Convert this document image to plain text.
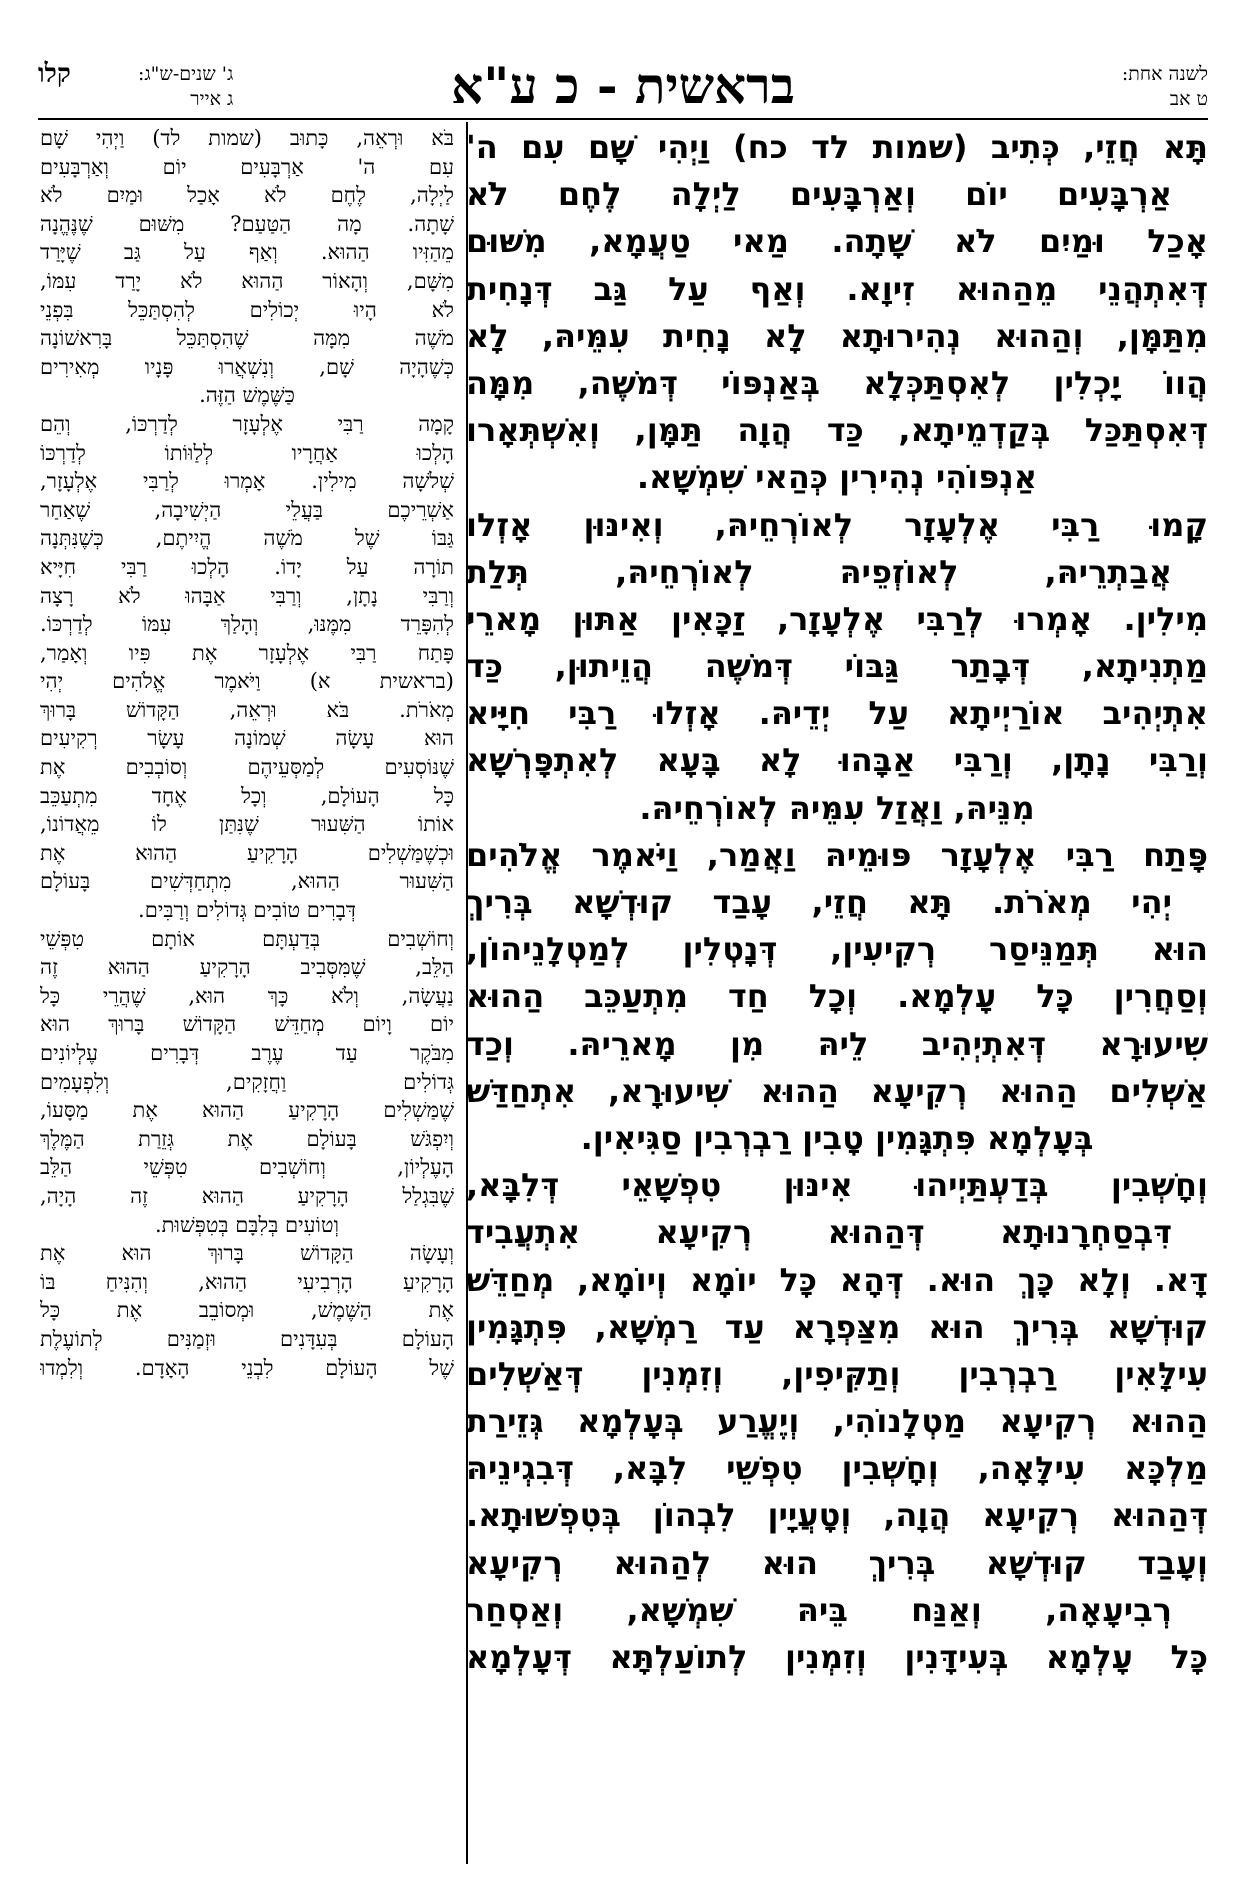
לשנה אחת:
ט אב
בראשית - כ ע"א
ג' שנים-ש"ג:
ג אייר
קלו
תָּא חֲזֵי, כְּתִיב (שמות לד כח) וַיְהִי שָׁם עִם ה'
אַרְבָּעִים יוֹם וְאַרְבָּעִים לַיְלָה לֶחֶם לֹא
אָכַל וּמַיִם לֹא שָׁתָה. מַאי טַעֲמָא, מִשּׁוּם
דְּאִתְהֲנֵי מֵהַהוּא זִיוָא. וְאַף עַל גַּב דְּנָחִית
מִתַּמָּן, וְהַהוּא נְהִירוּתָא לָא נָחִית עִמֵּיהּ, לָא
הֲווֹ יָכְלִין לְאִסְתַּכְּלָא בְּאַנְפּוֹי דְּמֹשֶׁה, מִמָּה
דְּאִסְתַּכַּל בְּקַדְמֵיתָא, כַּד הֲוָה תַּמָּן, וְאִשְׁתְּאָרוּ
אַנְפּוֹהִי נְהִירִין כְּהַאי שִׁמְשָׁא.
קָמוּ רַבִּי אֶלְעָזָר לְאוֹרְחֵיהּ, וְאִינּוּן אָזְלוּ
אֲבַתְרֵיהּ, לְאוֹזְפֵיהּ לְאוֹרְחֵיהּ, תְּלַת
מִילִין. אָמְרוּ לְרַבִּי אֶלְעָזָר, זַכָּאִין אַתּוּן מָארֵי
מַתְנִיתָא, דְּבָתַר גַּבּוֹי דְּמֹשֶׁה הֲוֵיתוּן, כַּד
אִתְיְהִיב אוֹרַיְיתָא עַל יְדֵיהּ. אָזְלוּ רַבִּי חִיָּיא
וְרַבִּי נָתָן, וְרַבִּי אַבָּהוּ לָא בָּעָא לְאִתְפָּרְשָׁא
מִנֵּיהּ, וַאֲזַל עִמֵּיהּ לְאוֹרְחֵיהּ.
פָּתַח רַבִּי אֶלְעָזָר פּוּמֵיהּ וַאֲמַר, וַיֹּאמֶר אֱלֹהִים
יְהִי מְאֹרֹת. תָּא חֲזֵי, עָבַד קוּדְשָׁא בְּרִיךְ
הוּא תְּמַנֵּיסַר רְקִיעִין, דְּנָטְלִין לְמַטְלָנֵיהוֹן,
וְסַחֲרִין כָּל עָלְמָא. וְכָל חַד מִתְעַכֵּב הַהוּא
שִׁיעוּרָא דְּאִתְיְהִיב לֵיהּ מִן מָארֵיהּ. וְכַד
אַשְׁלִים הַהוּא רְקִיעָא הַהוּא שִׁיעוּרָא, אִתְחַדַּשׁ
בְּעָלְמָא פִּתְגָּמִין טָבִין רַבְרְבִין סַגִּיאִין.
וְחָשְׁבִין בְּדַעְתַּיְיהוּ אִינּוּן טִפְשָׁאֵי דְּלִבָּא,
דִּבְסַחְרָנוּתָא דְּהַהוּא רְקִיעָא אִתְעֲבִיד
דָּא. וְלָא כָּךְ הוּא. דְּהָא כָּל יוֹמָא וְיוֹמָא, מְחַדֵּשׁ
קוּדְשָׁא בְּרִיךְ הוּא מִצַּפְרָא עַד רַמְשָׁא, פִּתְגָּמִין
עִילָּאִין רַבְרְבִין וְתַקִּיפִין, וְזִמְנִין דְּאַשְׁלִים
הַהוּא רְקִיעָא מַטְלָנוֹהִי, וְיֶעֱרַע בְּעָלְמָא גְּזֵירַת
מַלְכָּא עִילָּאָה, וְחָשְׁבִין טִפְשֵׁי לִבָּא, דְּבִגְינֵיהּ
דְּהַהוּא רְקִיעָא הֲוָה, וְטָעֲיָין לִבְהוֹן בְּטִפְשׁוּתָא.
וְעָבַד קוּדְשָׁא בְּרִיךְ הוּא לְהַהוּא רְקִיעָא
רְבִיעָאָה, וְאַנַּח בֵּיהּ שִׁמְשָׁא, וְאַסְחַר
כָּל עָלְמָא בְּעִידָּנִין וְזִמְנִין לְתוֹעַלְתָּא דְּעָלְמָא
בֹּא וּרְאֵה, כָּתוּב (שמות לד) וַיְהִי שָׁם
עִם ה' אַרְבָּעִים יוֹם וְאַרְבָּעִים
לַיְלָה, לֶחֶם לֹא אָכַל וּמַיִם לֹא
שָׁתָה. מָה הַטַּעַם? מִשּׁוּם שֶׁנֶּהֱנָה
מֵהַזִּיו הַהוּא. וְאַף עַל גַּב שֶׁיָּרַד
מִשָּׁם, וְהָאוֹר הַהוּא לֹא יָרַד עִמּוֹ,
לֹא הָיוּ יְכוֹלִים לְהִסְתַּכֵּל בִּפְנֵי
מֹשֶׁה מִמָּה שֶׁהִסְתַּכֵּל בָּרִאשׁוֹנָה
כְּשֶׁהָיָה שָׁם, וְנִשְׁאֲרוּ פָּנָיו מְאִירִים
כַּשֶּׁמֶשׁ הַזֶּה.
קָמָה רַבִּי אֶלְעָזָר לְדַרְכּוֹ, וְהֵם
הָלְכוּ אַחֲרָיו לְלַוּוֹתוֹ לְדַרְכּוֹ
שְׁלֹשָׁה מִילִין. אָמְרוּ לְרַבִּי אֶלְעָזָר,
אַשְׁרֵיכֶם בַּעֲלֵי הַיְשִׁיבָה, שֶׁאַחַר
גַּבּוֹ שֶׁל מֹשֶׁה הֱיִיתֶם, כְּשֶׁנִּתְּנָה
תוֹרָה עַל יָדוֹ. הָלְכוּ רַבִּי חִיָּיא
וְרַבִּי נָתָן, וְרַבִּי אַבָּהוּ לֹא רָצָה
לְהִפָּרֵד מִמֶּנּוּ, וְהָלַךְ עִמּוֹ לְדַרְכּוֹ.
פָּתַח רַבִּי אֶלְעָזָר אֶת פִּיו וְאָמַר,
(בראשית א) וַיֹּאמֶר אֱלֹהִים יְהִי
מְאֹרֹת. בֹּא וּרְאֵה, הַקָּדוֹשׁ בָּרוּךְ
הוּא עָשָׂה שְׁמוֹנָה עָשָׂר רְקִיעִים
שֶׁנּוֹסְעִים לְמַסְּעֵיהֶם וְסוֹבְבִים אֶת
כָּל הָעוֹלָם, וְכָל אֶחָד מִתְעַכֵּב
אוֹתוֹ הַשִּׁעוּר שֶׁנִּתַּן לוֹ מֵאֲדוֹנוֹ,
וּכְשֶׁמַּשְׁלִים הָרָקִיעַ הַהוּא אֶת
הַשִּׁעוּר הַהוּא, מִתְחַדְּשִׁים בָּעוֹלָם
דְּבָרִים טוֹבִים גְּדוֹלִים וְרַבִּים.
וְחוֹשְׁבִים בְּדַעְתָּם אוֹתָם טִפְּשֵׁי
הַלֵּב, שֶׁמִּסְּבִיב הָרָקִיעַ הַהוּא זֶה
נַעֲשָׂה, וְלֹא כָּךְ הוּא, שֶׁהֲרֵי כָּל
יוֹם וָיוֹם מְחַדֵּשׁ הַקָּדוֹשׁ בָּרוּךְ הוּא
מִבֹּקֶר עַד עֶרֶב דְּבָרִים עֶלְיוֹנִים
גְּדוֹלִים וַחֲזָקִים, וְלִפְעָמִים
שֶׁמַּשְׁלִים הָרָקִיעַ הַהוּא אֶת מַסָּעוֹ,
וְיִפְגֹּשׁ בָּעוֹלָם אֶת גְּזֵרַת הַמֶּלֶךְ
הָעֶלְיוֹן, וְחוֹשְׁבִים טִפְּשֵׁי הַלֵּב
שֶׁבִּגְלַל הָרָקִיעַ הַהוּא זֶה הָיָה,
וְטוֹעִים בְּלִבָּם בְּטִפְּשׁוּת.
וְעָשָׂה הַקָּדוֹשׁ בָּרוּךְ הוּא אֶת
הָרָקִיעַ הָרְבִיעִי הַהוּא, וְהִנִּיחַ בּוֹ
אֶת הַשֶּׁמֶשׁ, וּמְסוֹבֵב אֶת כָּל
הָעוֹלָם בְּעִדָּנִים וּזְמַנִּים לְתוֹעֶלֶת
שֶׁל הָעוֹלָם לִבְנֵי הָאָדָם. וְלִמְדוּ
